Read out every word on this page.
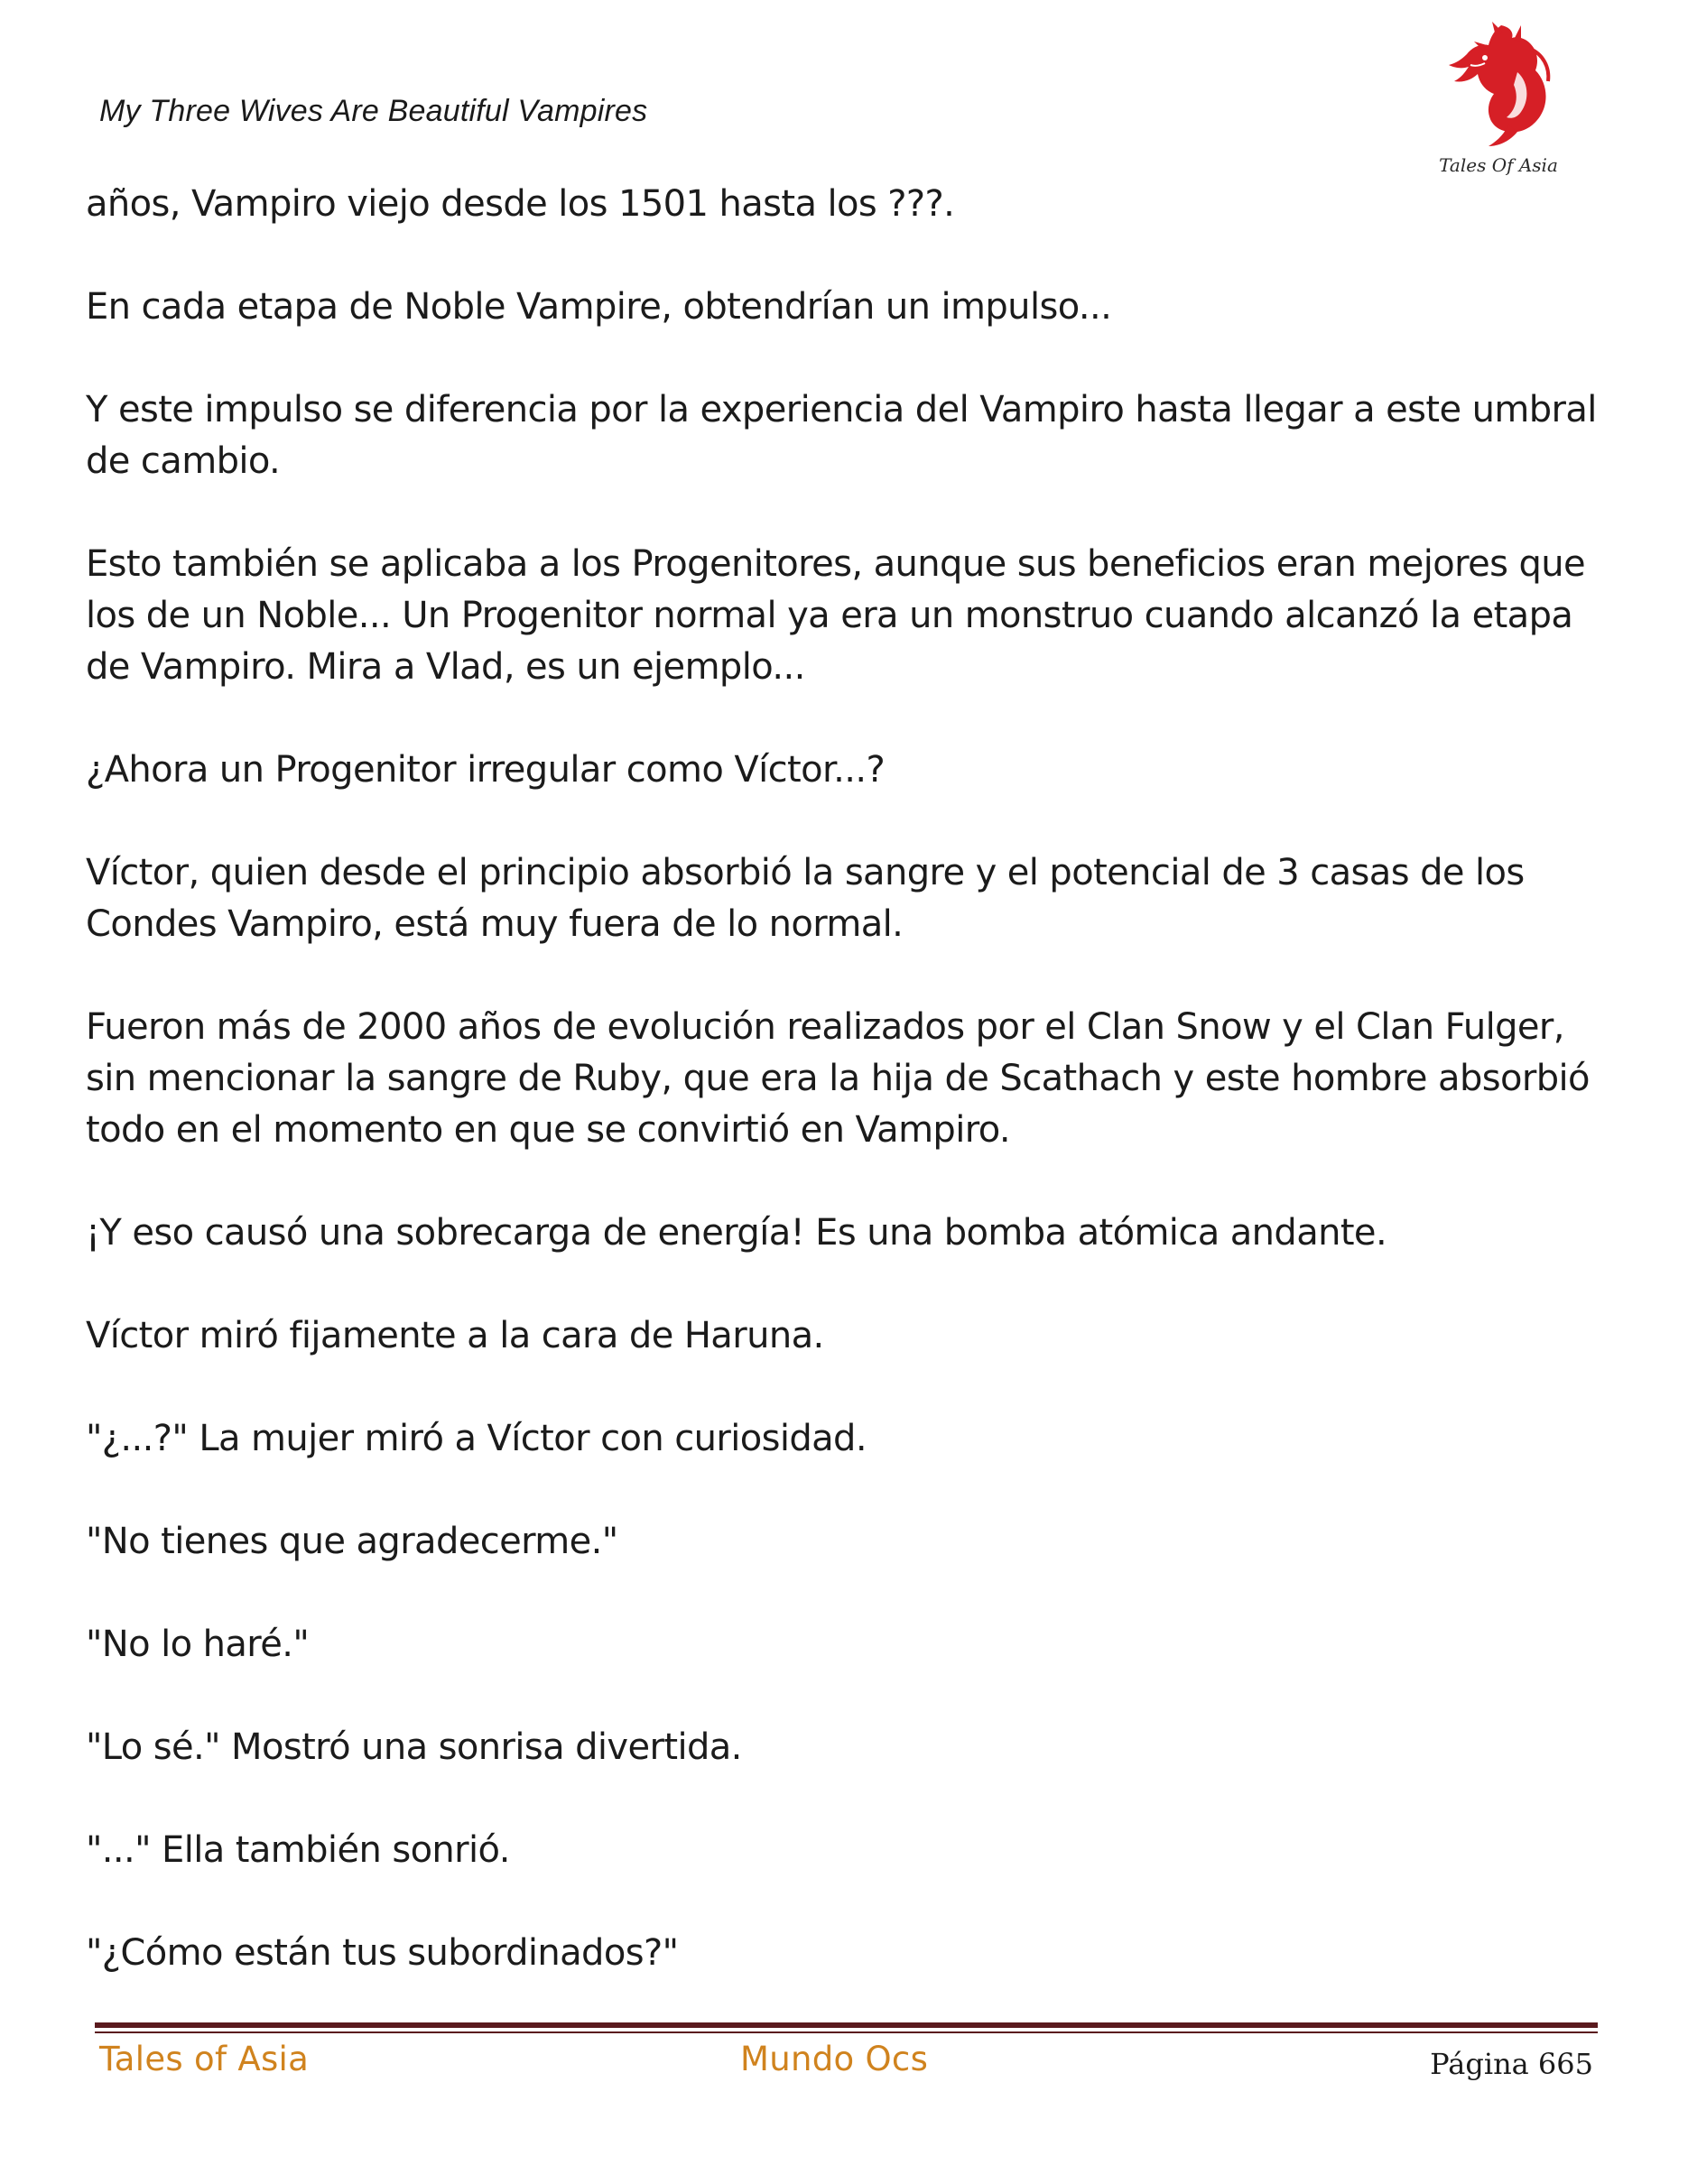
My Three Wives Are Beautiful Vampires
Tales Of Asia

años, Vampiro viejo desde los 1501 hasta los ???.

En cada etapa de Noble Vampire, obtendrían un impulso...

Y este impulso se diferencia por la experiencia del Vampiro hasta llegar a este umbral de cambio.

Esto también se aplicaba a los Progenitores, aunque sus beneficios eran mejores que los de un Noble... Un Progenitor normal ya era un monstruo cuando alcanzó la etapa de Vampiro. Mira a Vlad, es un ejemplo...

¿Ahora un Progenitor irregular como Víctor...?

Víctor, quien desde el principio absorbió la sangre y el potencial de 3 casas de los Condes Vampiro, está muy fuera de lo normal.

Fueron más de 2000 años de evolución realizados por el Clan Snow y el Clan Fulger, sin mencionar la sangre de Ruby, que era la hija de Scathach y este hombre absorbió todo en el momento en que se convirtió en Vampiro.

¡Y eso causó una sobrecarga de energía! Es una bomba atómica andante.

Víctor miró fijamente a la cara de Haruna.

"¿...?" La mujer miró a Víctor con curiosidad.

"No tienes que agradecerme."

"No lo haré."

"Lo sé." Mostró una sonrisa divertida.

"..." Ella también sonrió.

"¿Cómo están tus subordinados?"

Tales of Asia	Mundo Ocs	Página 665
